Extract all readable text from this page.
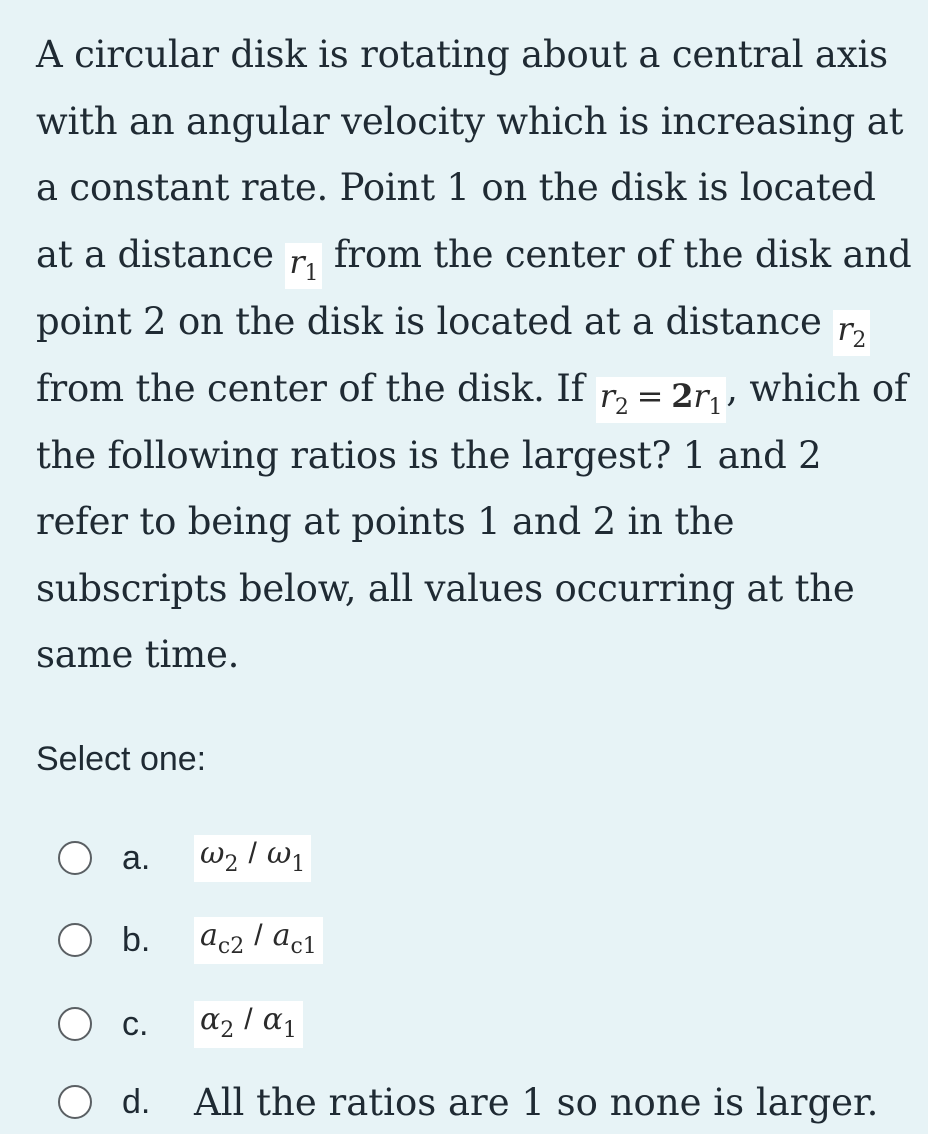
A circular disk is rotating about a central axis with an angular velocity which is increasing at a constant rate. Point 1 on the disk is located at a distance $r_1$ from the center of the disk and point 2 on the disk is located at a distance $r_2$ from the center of the disk. If $r_2 = 2r_1$ , which of the following ratios is the largest? 1 and 2 refer to being at points 1 and 2 in the subscripts below, all values occurring at the same time.

Select one:
a.	$\omega_2 / \omega_1$
b.	$a_{c2} / a_{c1}$
c.	$\alpha_2 / \alpha_1$
d.	All the ratios are 1 so none is larger.
